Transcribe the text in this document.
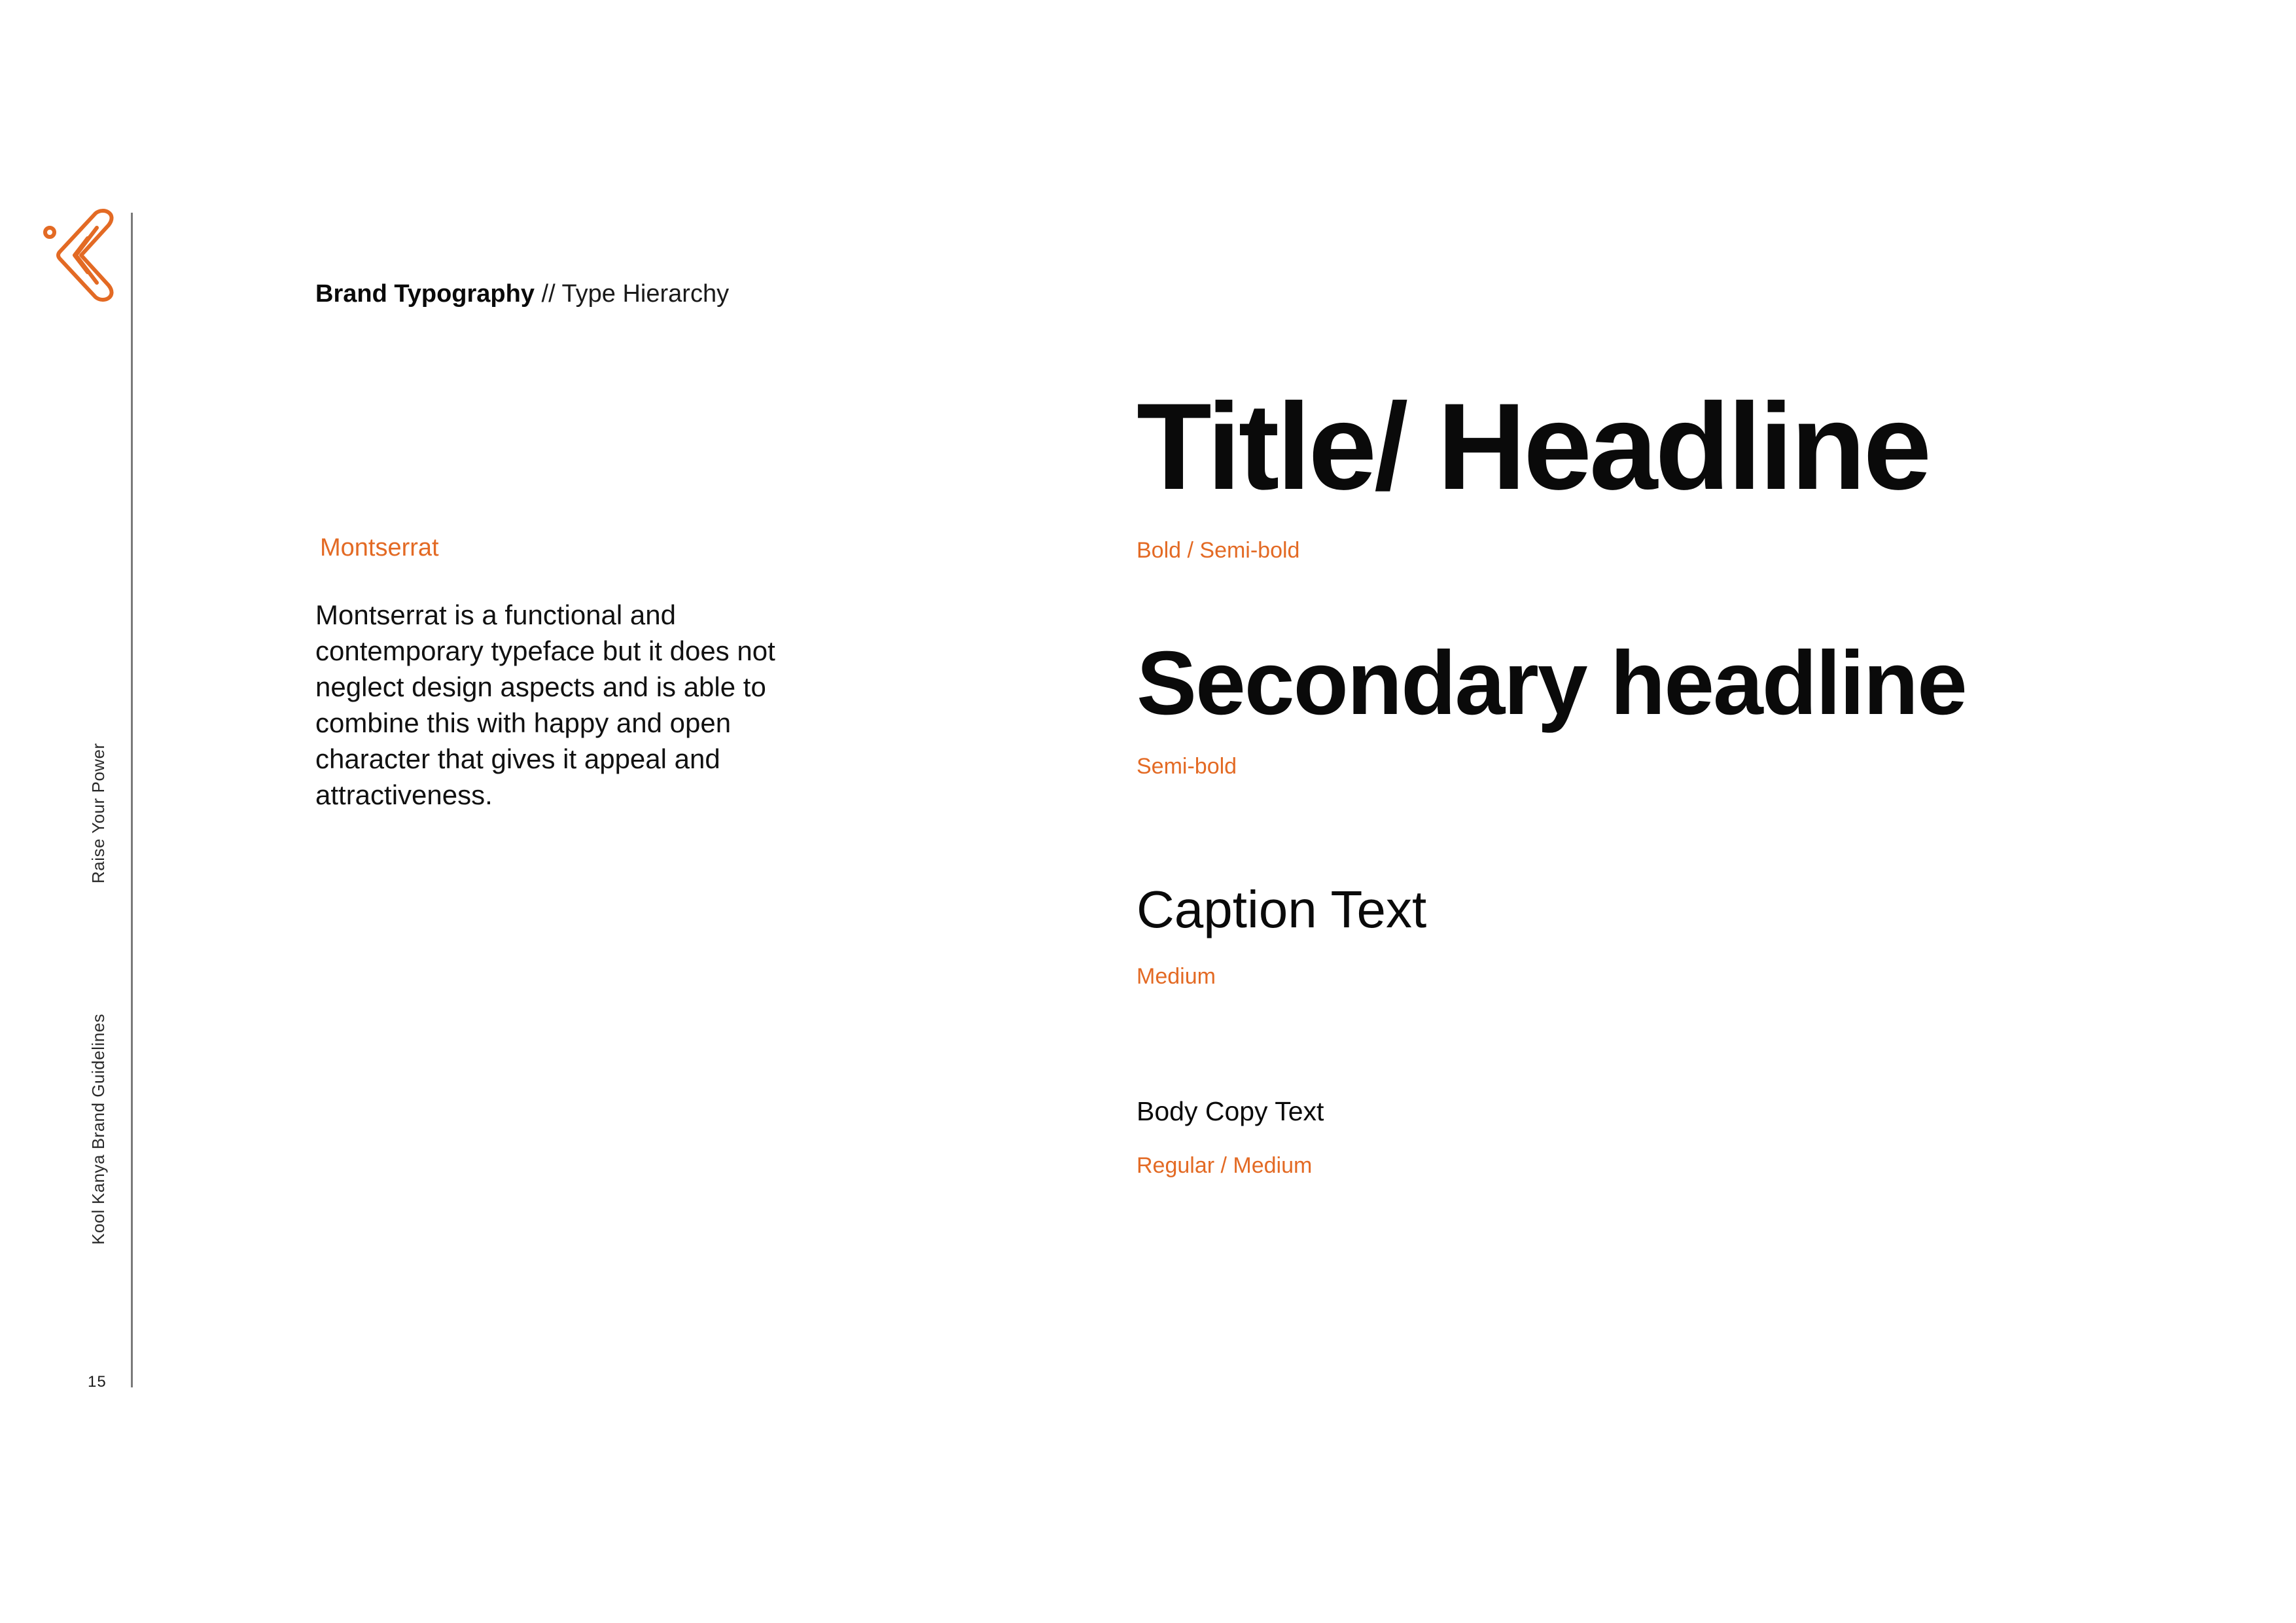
Raise Your Power
Kool Kanya Brand Guidelines
15
Brand Typography // Type Hierarchy
Montserrat
Montserrat is a functional and contemporary typeface but it does not neglect design aspects and is able to combine this with happy and open character that gives it appeal and attractiveness.
Title/ Headline
Bold / Semi-bold
Secondary headline
Semi-bold
Caption Text
Medium
Body Copy Text
Regular / Medium
